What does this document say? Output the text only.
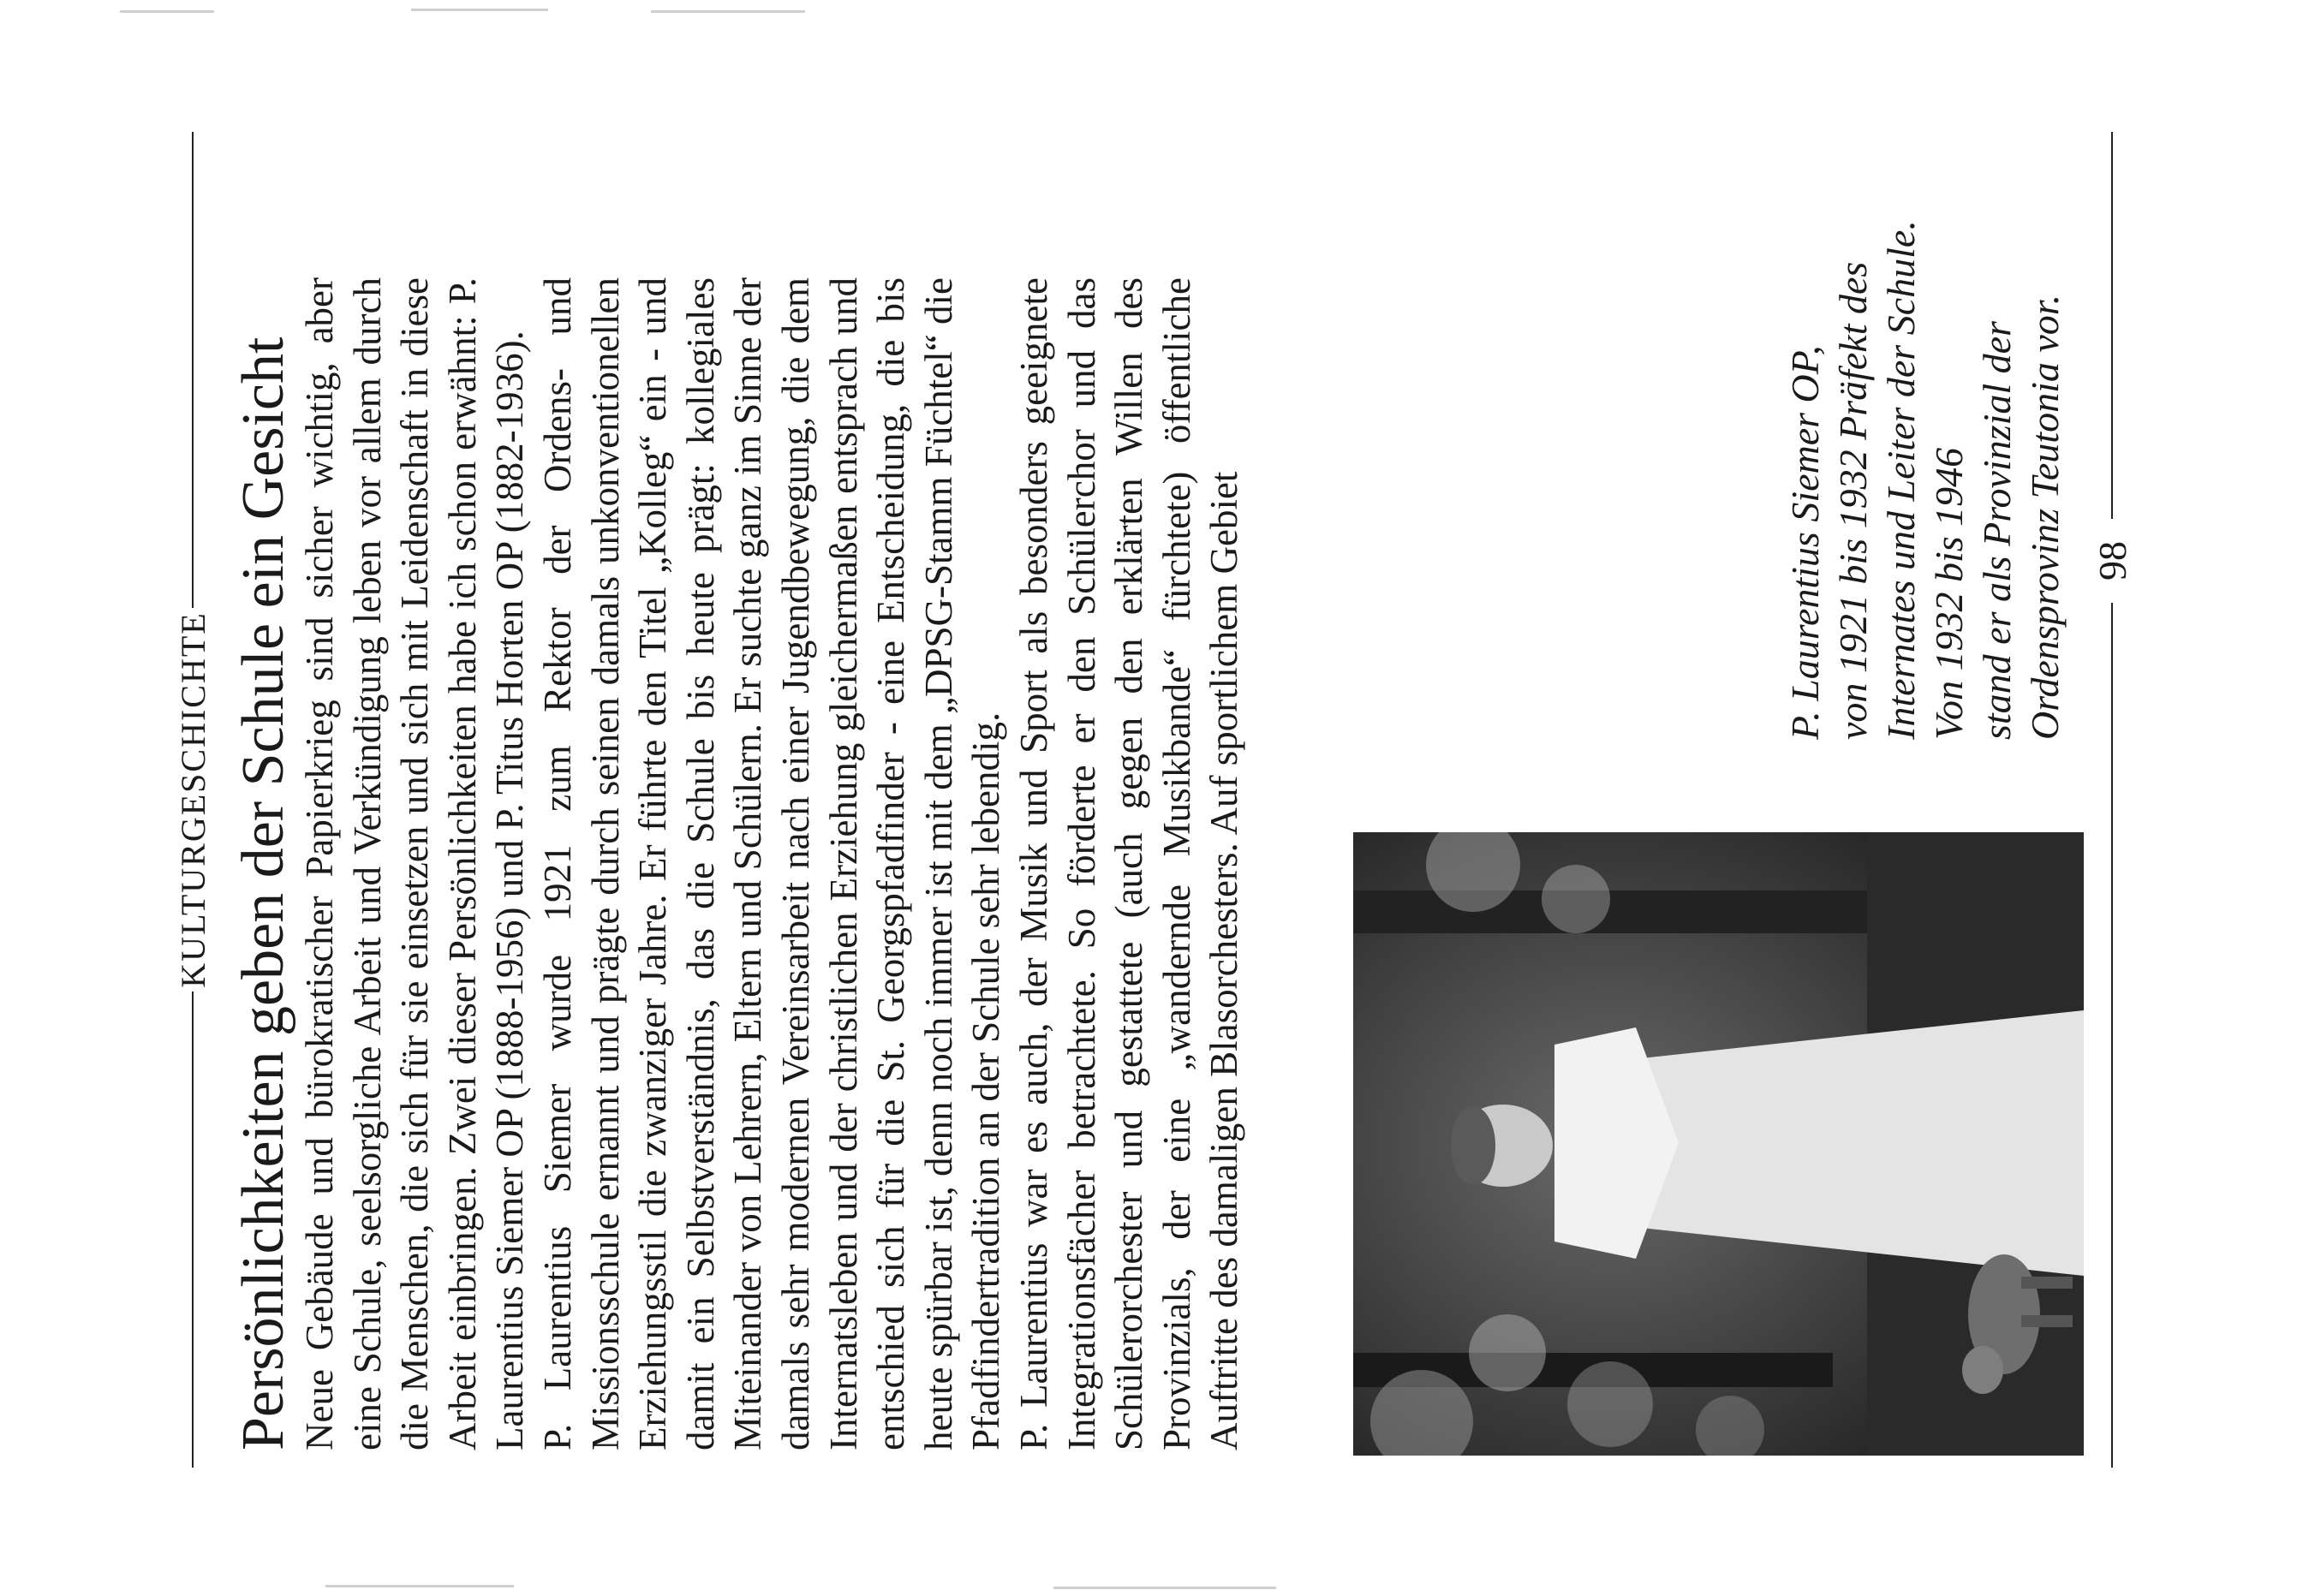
KULTURGESCHICHTE Persönlichkeiten geben der Schule ein Gesicht Neue Gebäude und bürokratischer Papierkrieg sind sicher wichtig, aber eine Schule, seelsorgliche Arbeit und Verkündigung leben vor allem durch die Menschen, die sich für sie einsetzen und sich mit Leidenschaft in diese Arbeit einbringen. Zwei dieser Persönlichkeiten habe ich schon erwähnt: P. Laurentius Siemer OP (1888-1956) und P. Titus Horten OP (1882-1936). P. Laurentius Siemer wurde 1921 zum Rektor der Ordens- und Missionsschule ernannt und prägte durch seinen damals unkonventionellen Erziehungsstil die zwanziger Jahre. Er führte den Titel „Kolleg“ ein - und damit ein Selbstverständnis, das die Schule bis heute prägt: kollegiales Miteinander von Lehrern, Eltern und Schülern. Er suchte ganz im Sinne der damals sehr modernen Vereinsarbeit nach einer Jugendbewegung, die dem Internatsleben und der christlichen Erziehung gleichermaßen entsprach und entschied sich für die St. Georgspfadfinder - eine Entscheidung, die bis heute spürbar ist, denn noch immer ist mit dem „DPSG-Stamm Füchtel“ die Pfadfindertradition an der Schule sehr lebendig. P. Laurentius war es auch, der Musik und Sport als besonders geeignete Integrationsfächer betrachtete. So förderte er den Schülerchor und das Schülerorchester und gestattete (auch gegen den erklärten Willen des Provinzials, der eine „wandernde Musikbande“ fürchtete) öffentliche Auftritte des damaligen Blasorchesters. Auf sportlichem Gebiet	P. Laurentius Siemer OP, von 1921 bis 1932 Präfekt des Internates und Leiter der Schule. Von 1932 bis 1946 stand er als Provinzial der Ordensprovinz Teutonia vor. 98
